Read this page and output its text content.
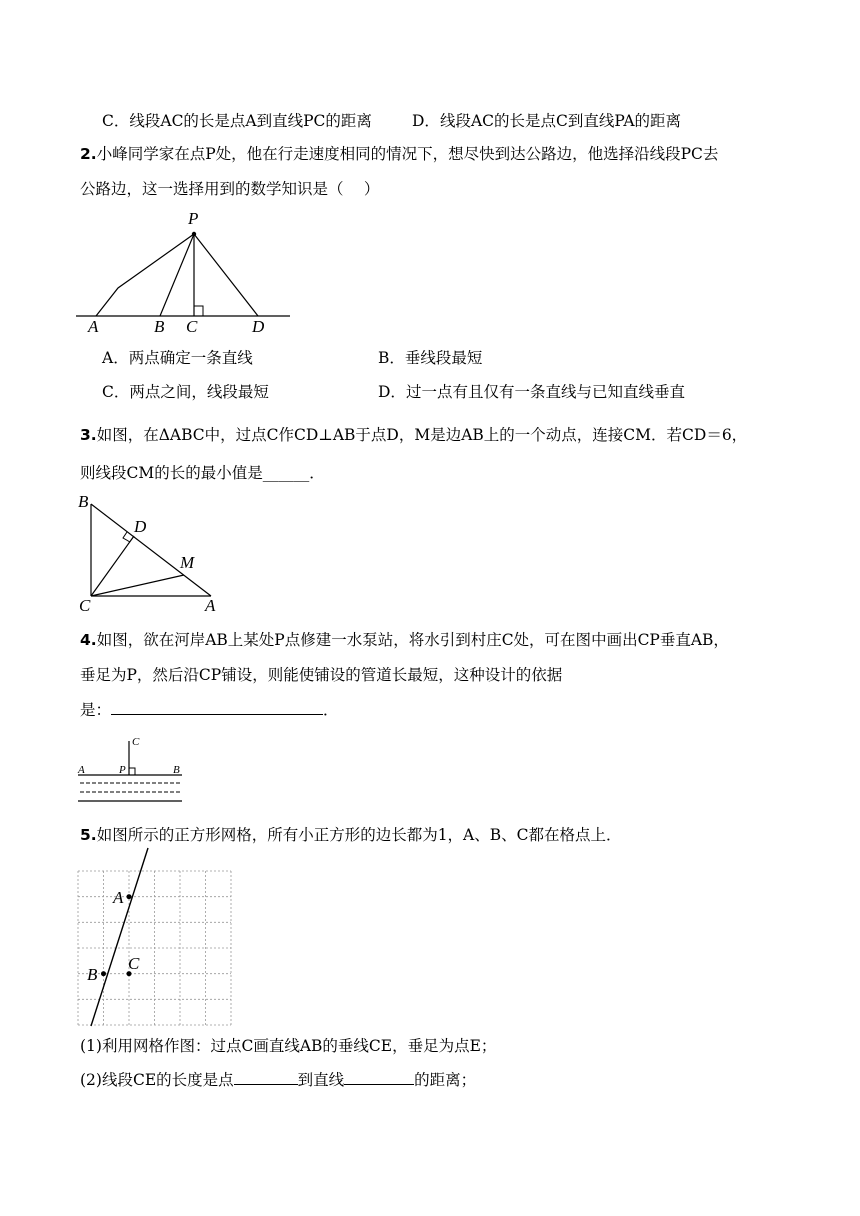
C．线段AC的长是点A到直线PC的距离	D．线段AC的长是点C到直线PA的距离
2.小峰同学家在点P处，他在行走速度相同的情况下，想尽快到达公路边，他选择沿线段PC去
公路边，这一选择用到的数学知识是（　 ）
P
A	B C	D
A．两点确定一条直线	B．垂线段最短
C．两点之间，线段最短	D．过一点有且仅有一条直线与已知直线垂直
3.如图，在ΔABC中，过点C作CD⊥AB于点D，M是边AB上的一个动点，连接CM．若CD＝6，
则线段CM的长的最小值是______．
B
D
M
C	A
4.如图，欲在河岸AB上某处P点修建一水泵站，将水引到村庄C处，可在图中画出CP垂直AB，
垂足为P，然后沿CP铺设，则能使铺设的管道长最短，这种设计的依据
是：	．
C
A	P	B
5.如图所示的正方形网格，所有小正方形的边长都为1，A、B、C都在格点上．
A
B
C
(1)利用网格作图：过点C画直线AB的垂线CE，垂足为点E；
(2)线段CE的长度是点	到直线	的距离；
